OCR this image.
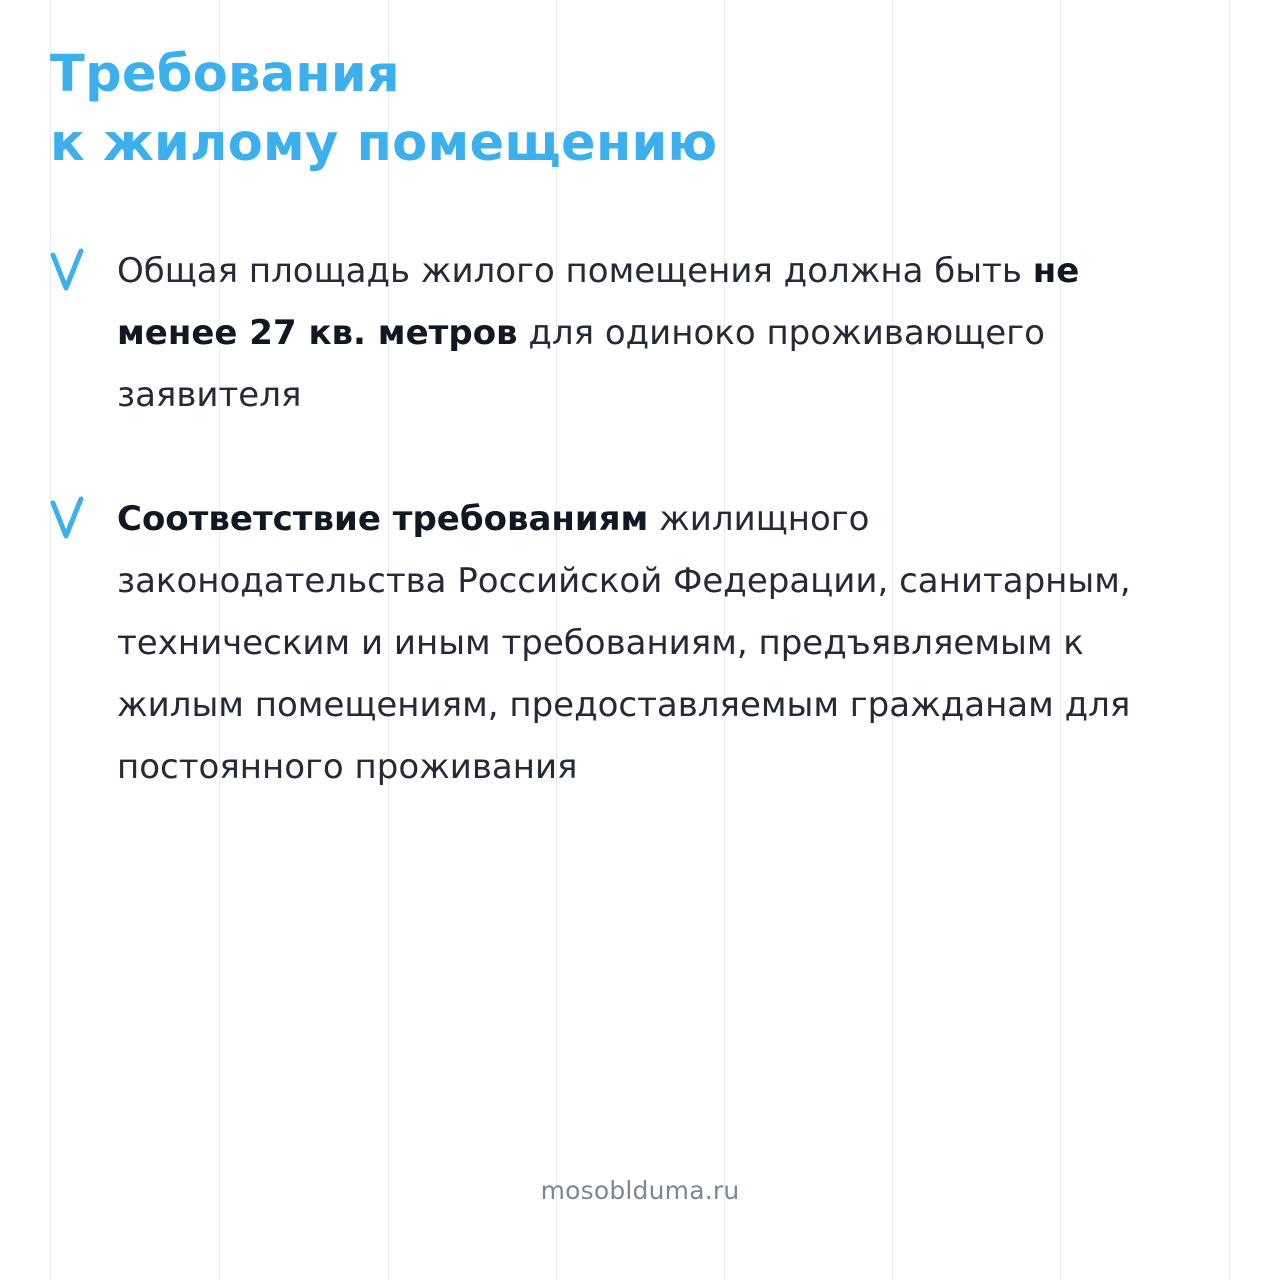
Требования
к жилому помещению

Общая площадь жилого помещения должна быть не менее 27 кв. метров для одиноко проживающего заявителя

Соответствие требованиям жилищного законодательства Российской Федерации, санитарным, техническим и иным требованиям, предъявляемым к жилым помещениям, предоставляемым гражданам для постоянного проживания

mosobldumа.ru
